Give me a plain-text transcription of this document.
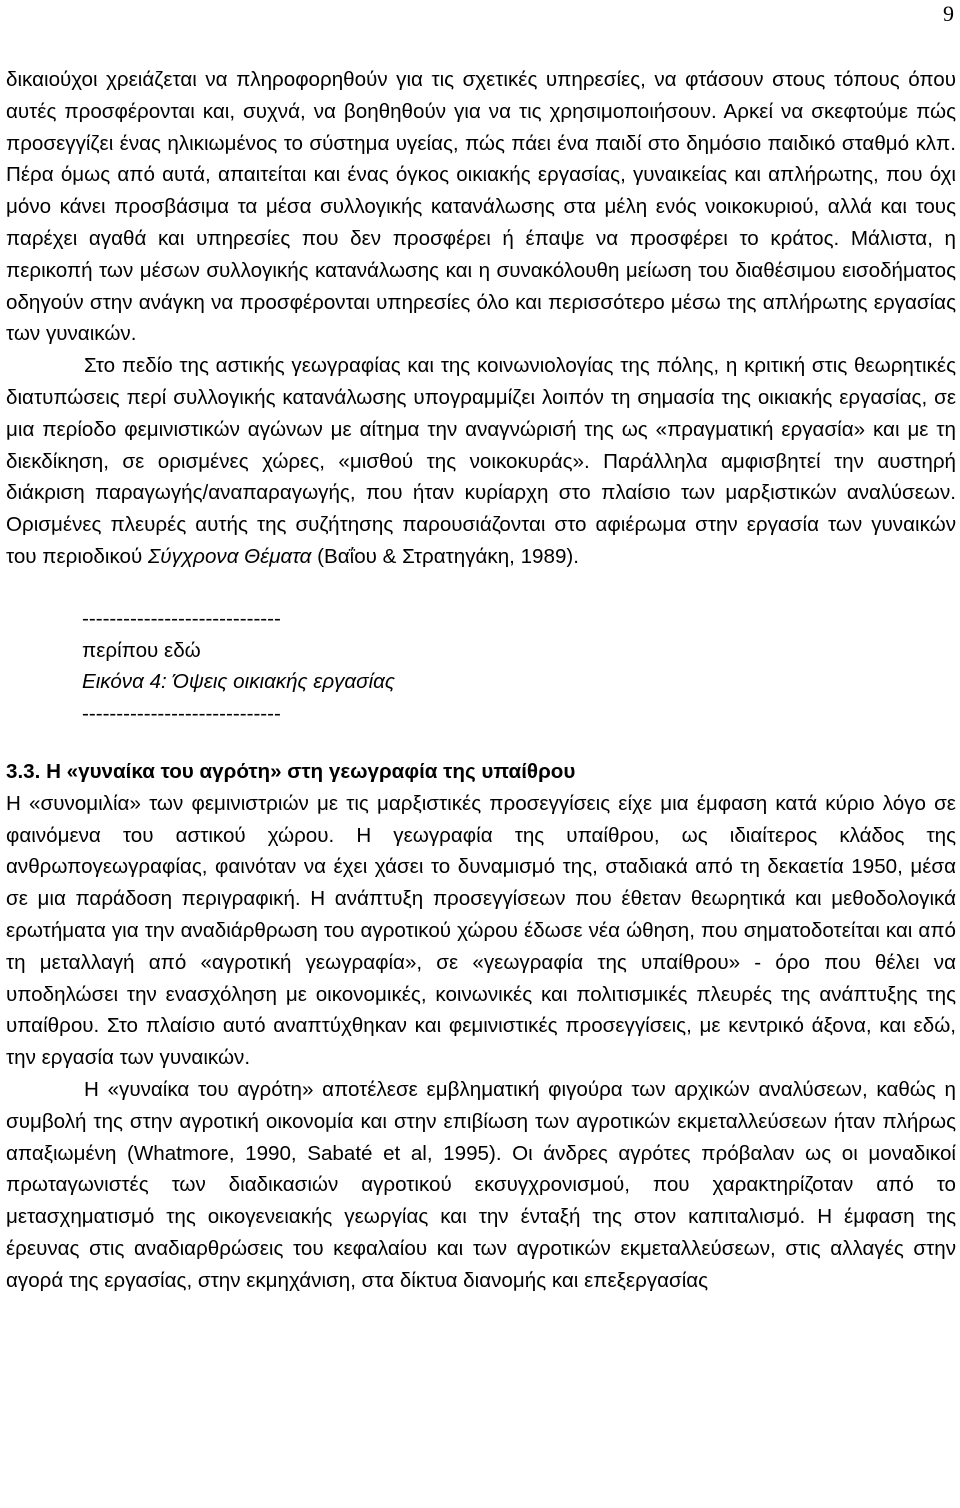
9

δικαιούχοι χρειάζεται να πληροφορηθούν για τις σχετικές υπηρεσίες, να φτάσουν στους τόπους όπου αυτές προσφέρονται και, συχνά, να βοηθηθούν για να τις χρησιμοποιήσουν. Αρκεί να σκεφτούμε πώς προσεγγίζει ένας ηλικιωμένος το σύστημα υγείας, πώς πάει ένα παιδί στο δημόσιο παιδικό σταθμό κλπ. Πέρα όμως από αυτά, απαιτείται και ένας όγκος οικιακής εργασίας, γυναικείας και απλήρωτης, που όχι μόνο κάνει προσβάσιμα τα μέσα συλλογικής κατανάλωσης στα μέλη ενός νοικοκυριού, αλλά και τους παρέχει αγαθά και υπηρεσίες που δεν προσφέρει ή έπαψε να προσφέρει το κράτος. Μάλιστα, η περικοπή των μέσων συλλογικής κατανάλωσης και η συνακόλουθη μείωση του διαθέσιμου εισοδήματος οδηγούν στην ανάγκη να προσφέρονται υπηρεσίες όλο και περισσότερο μέσω της απλήρωτης εργασίας των γυναικών.

Στο πεδίο της αστικής γεωγραφίας και της κοινωνιολογίας της πόλης, η κριτική στις θεωρητικές διατυπώσεις περί συλλογικής κατανάλωσης υπογραμμίζει λοιπόν τη σημασία της οικιακής εργασίας, σε μια περίοδο φεμινιστικών αγώνων με αίτημα την αναγνώρισή της ως «πραγματική εργασία» και με τη διεκδίκηση, σε ορισμένες χώρες, «μισθού της νοικοκυράς». Παράλληλα αμφισβητεί την αυστηρή διάκριση παραγωγής/αναπαραγωγής, που ήταν κυρίαρχη στο πλαίσιο των μαρξιστικών αναλύσεων. Ορισμένες πλευρές αυτής της συζήτησης παρουσιάζονται στο αφιέρωμα στην εργασία των γυναικών του περιοδικού Σύγχρονα Θέματα (Βαΐου & Στρατηγάκη, 1989).

-----------------------------
περίπου εδώ
Εικόνα 4: Όψεις οικιακής εργασίας
-----------------------------
3.3. Η «γυναίκα του αγρότη» στη γεωγραφία της υπαίθρου

Η «συνομιλία» των φεμινιστριών με τις μαρξιστικές προσεγγίσεις είχε μια έμφαση κατά κύριο λόγο σε φαινόμενα του αστικού χώρου. Η γεωγραφία της υπαίθρου, ως ιδιαίτερος κλάδος της ανθρωπογεωγραφίας, φαινόταν να έχει χάσει το δυναμισμό της, σταδιακά από τη δεκαετία 1950, μέσα σε μια παράδοση περιγραφική. Η ανάπτυξη προσεγγίσεων που έθεταν θεωρητικά και μεθοδολογικά ερωτήματα για την αναδιάρθρωση του αγροτικού χώρου έδωσε νέα ώθηση, που σηματοδοτείται και από τη μεταλλαγή από «αγροτική γεωγραφία», σε «γεωγραφία της υπαίθρου» - όρο που θέλει να υποδηλώσει την ενασχόληση με οικονομικές, κοινωνικές και πολιτισμικές πλευρές της ανάπτυξης της υπαίθρου. Στο πλαίσιο αυτό αναπτύχθηκαν και φεμινιστικές προσεγγίσεις, με κεντρικό άξονα, και εδώ, την εργασία των γυναικών.

Η «γυναίκα του αγρότη» αποτέλεσε εμβληματική φιγούρα των αρχικών αναλύσεων, καθώς η συμβολή της στην αγροτική οικονομία και στην επιβίωση των αγροτικών εκμεταλλεύσεων ήταν πλήρως απαξιωμένη (Whatmore, 1990, Sabaté et al, 1995). Οι άνδρες αγρότες πρόβαλαν ως οι μοναδικοί πρωταγωνιστές των διαδικασιών αγροτικού εκσυγχρονισμού, που χαρακτηρίζοταν από το μετασχηματισμό της οικογενειακής γεωργίας και την ένταξή της στον καπιταλισμό. Η έμφαση της έρευνας στις αναδιαρθρώσεις του κεφαλαίου και των αγροτικών εκμεταλλεύσεων, στις αλλαγές στην αγορά της εργασίας, στην εκμηχάνιση, στα δίκτυα διανομής και επεξεργασίας
